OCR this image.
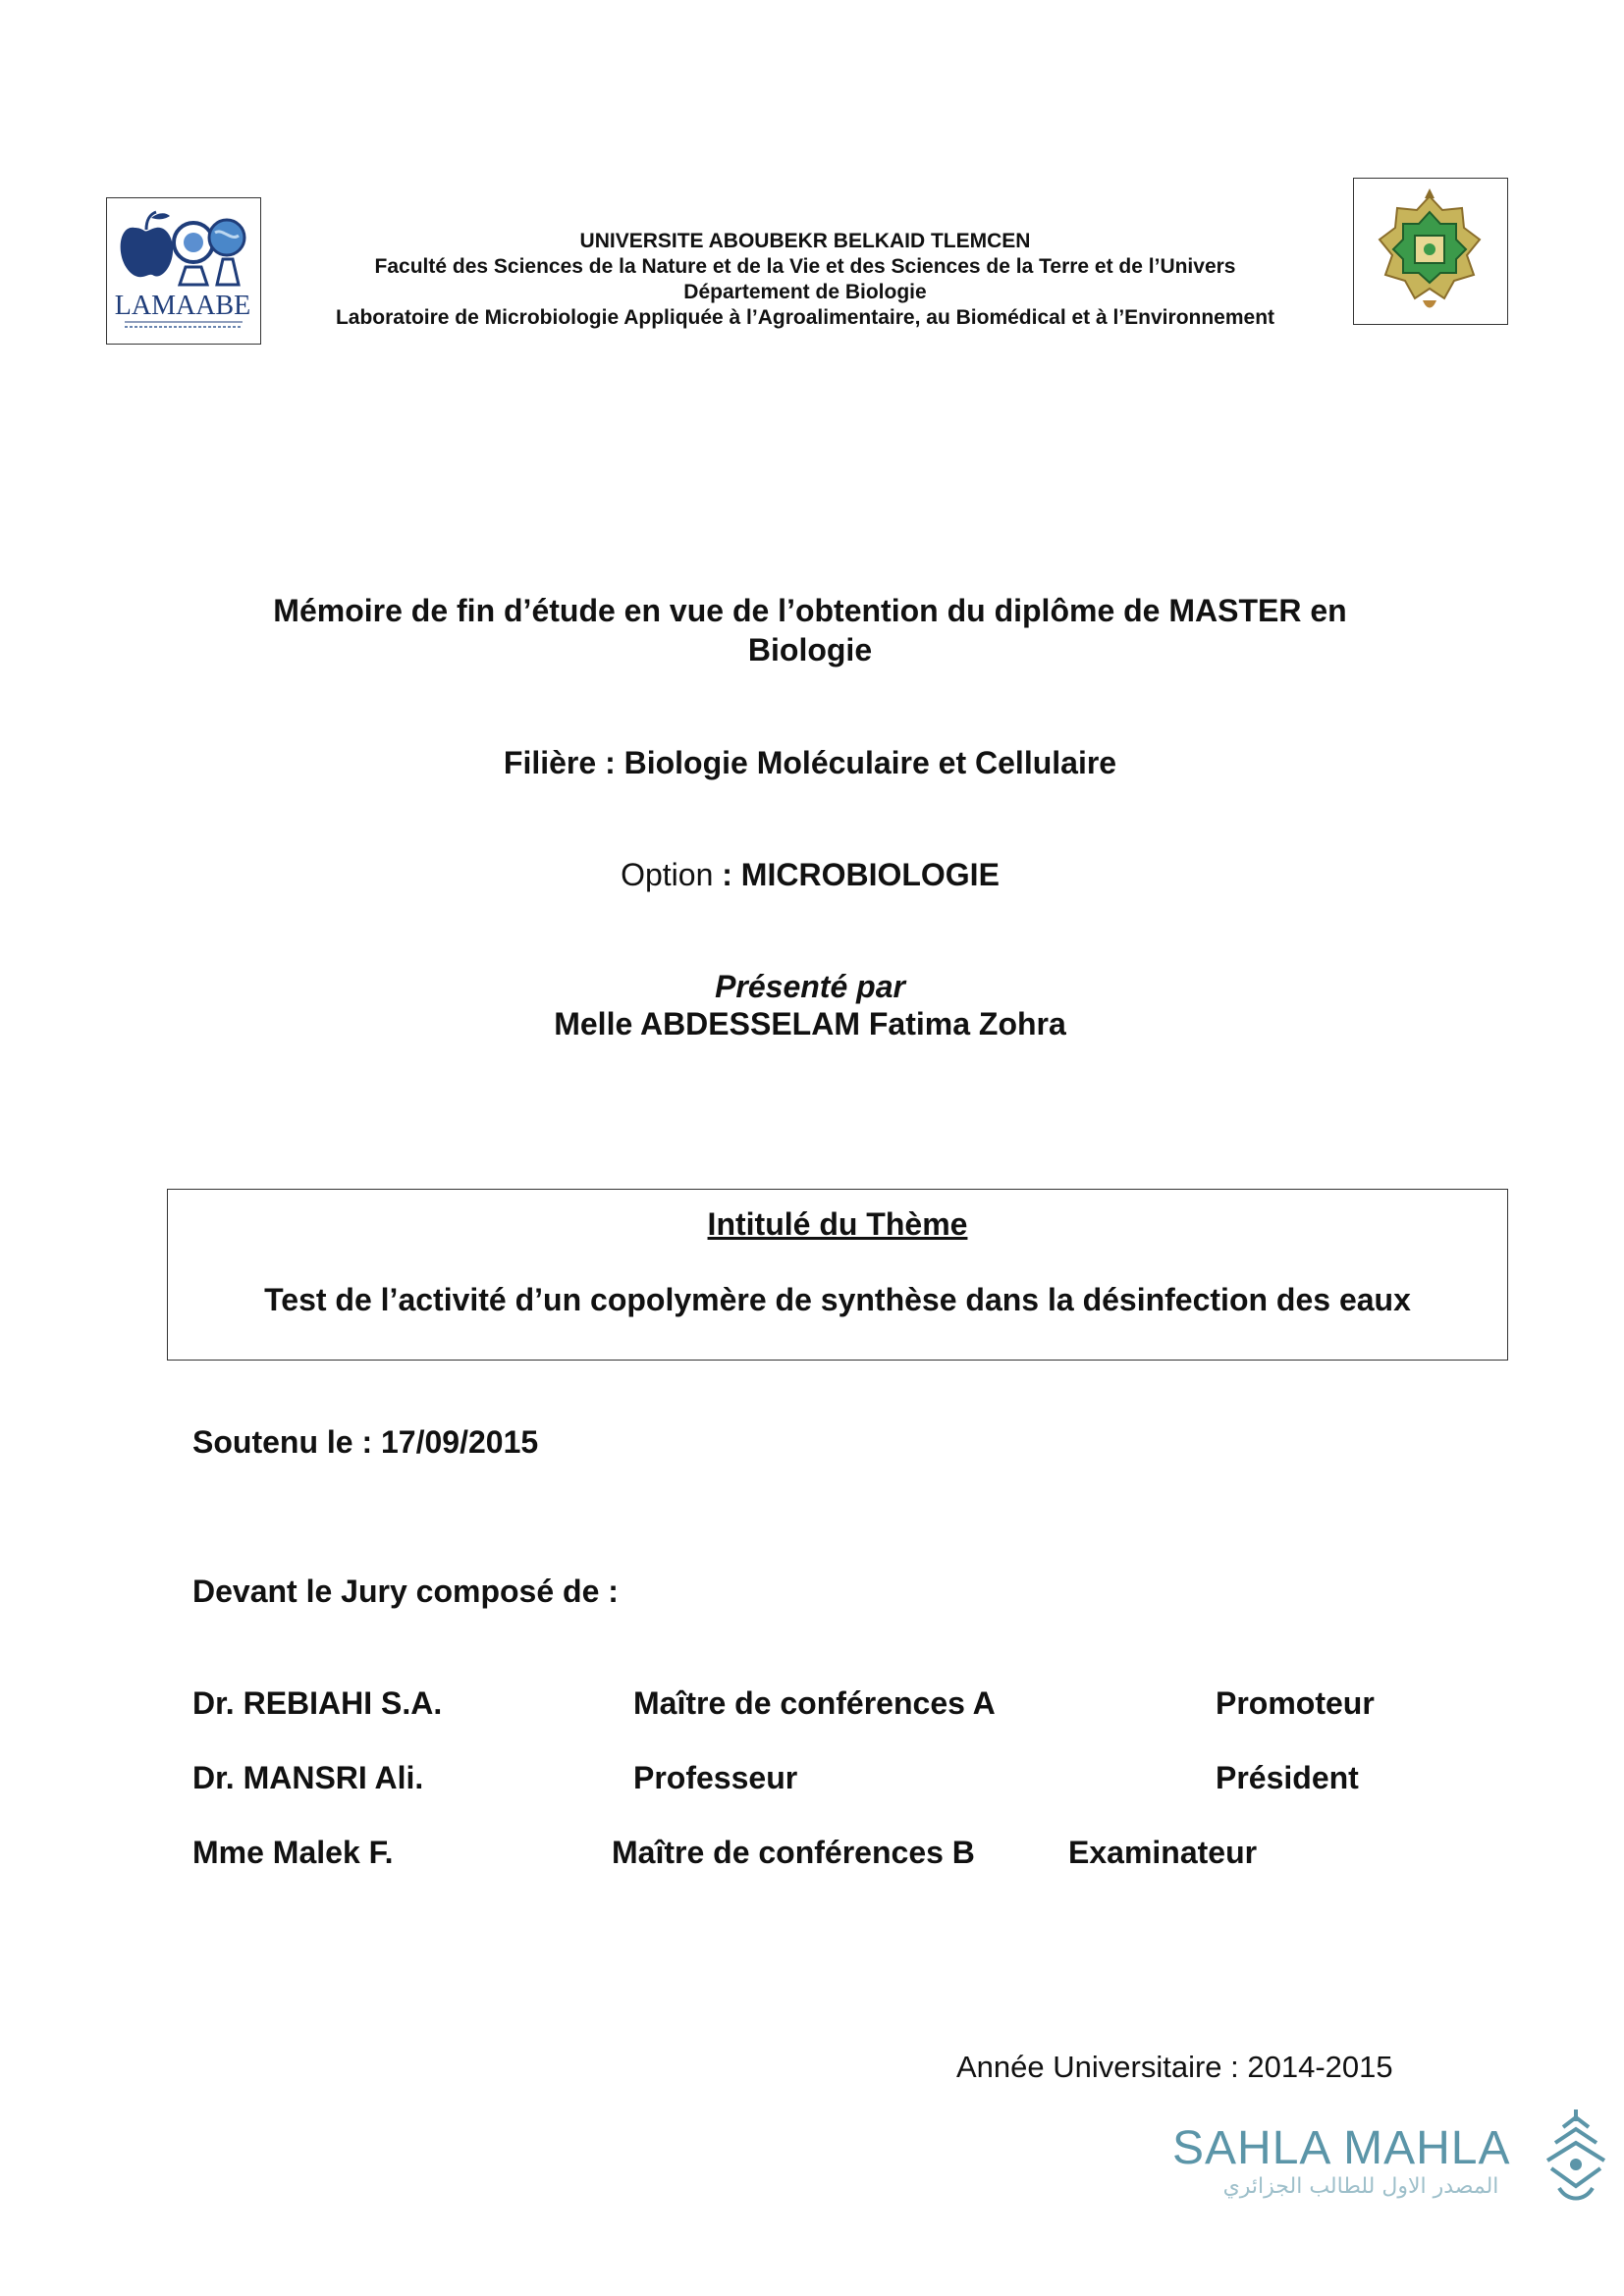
LAMAABE
UNIVERSITE ABOUBEKR BELKAID TLEMCEN
Faculté des Sciences de la Nature et de la Vie et des Sciences de la Terre et de l’Univers
Département de Biologie
Laboratoire de Microbiologie Appliquée à l’Agroalimentaire, au Biomédical et à l’Environnement
Mémoire de fin d’étude en vue de l’obtention du diplôme de MASTER en
Biologie
Filière : Biologie Moléculaire et Cellulaire
Option : MICROBIOLOGIE
Présenté par
Melle ABDESSELAM Fatima Zohra
Intitulé du Thème
Test de l’activité d’un copolymère de synthèse dans la désinfection des eaux
Soutenu le : 17/09/2015
Devant le Jury composé de :
Dr. REBIAHI S.A.	Maître de conférences A	Promoteur
Dr. MANSRI Ali.	Professeur	Président
Mme Malek F.	Maître de conférences B	Examinateur
Année Universitaire : 2014-2015
SAHLA MAHLA
المصدر الاول للطالب الجزائري
